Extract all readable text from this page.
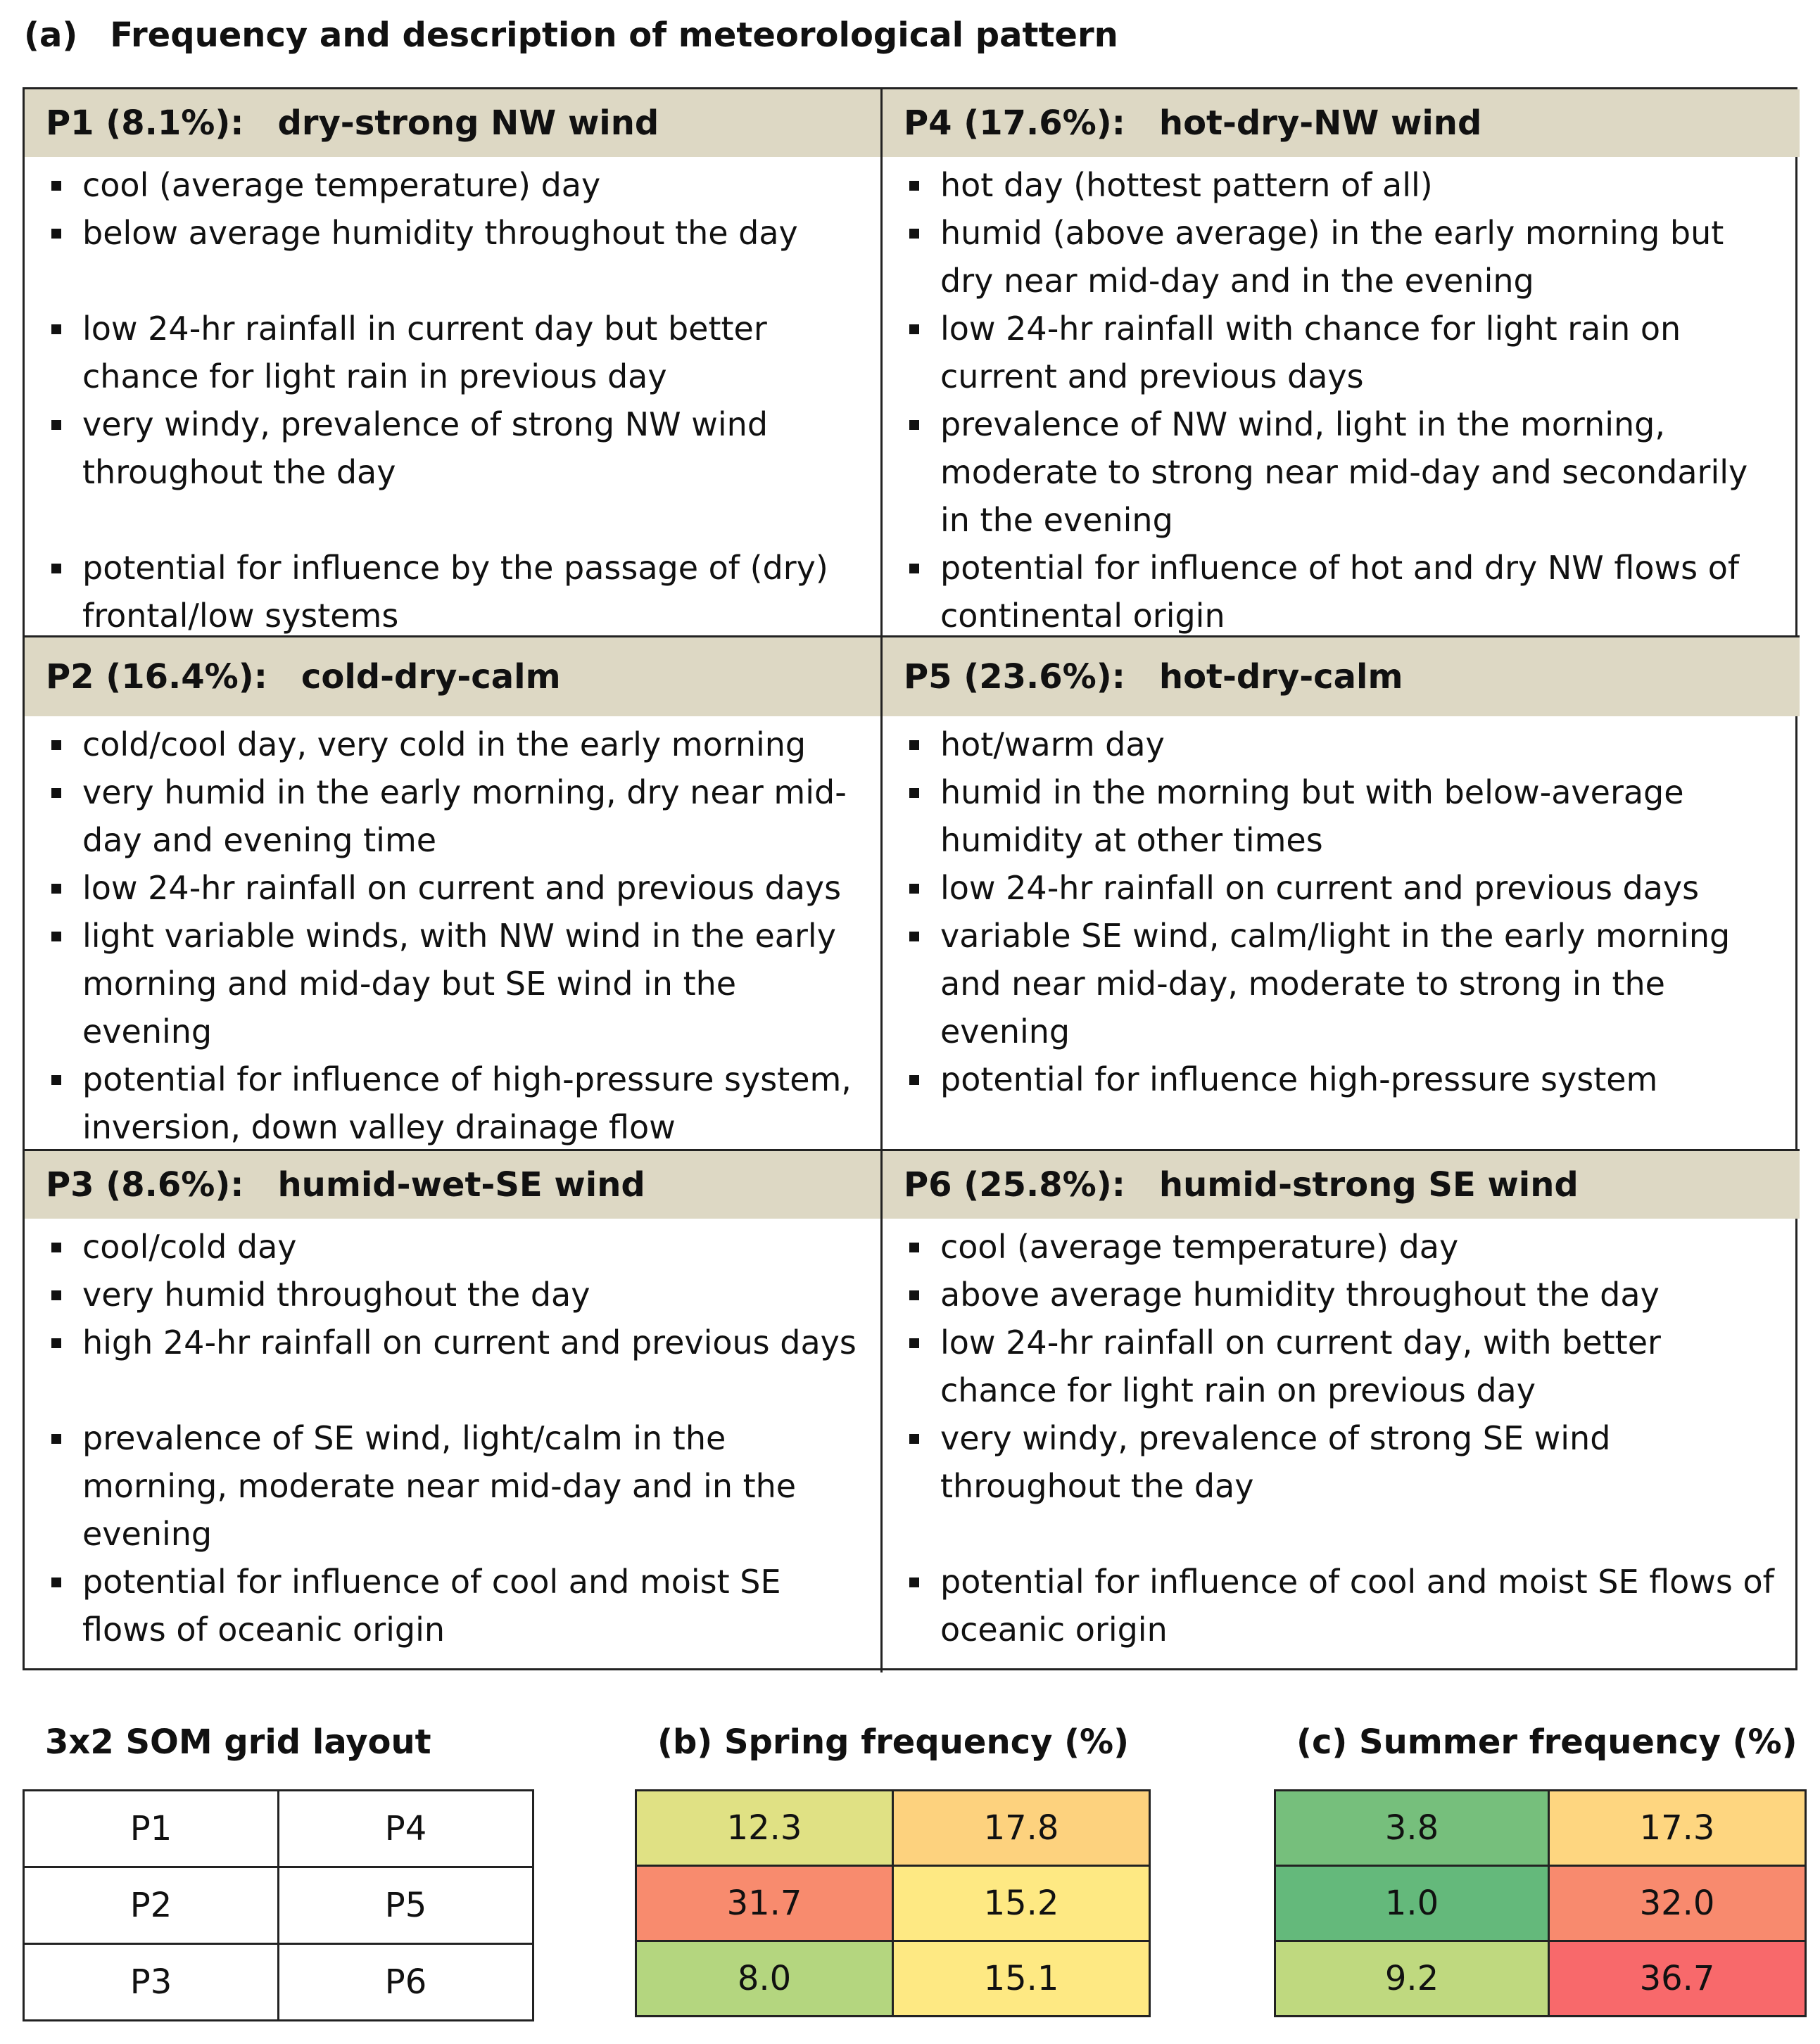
(a) Frequency and description of meteorological pattern
P1 (8.1%): dry-strong NW wind
cool (average temperature) day
below average humidity throughout the day
low 24-hr rainfall in current day but better chance for light rain in previous day
very windy, prevalence of strong NW wind throughout the day
potential for influence by the passage of (dry) frontal/low systems
P4 (17.6%): hot-dry-NW wind
hot day (hottest pattern of all)
humid (above average) in the early morning but dry near mid-day and in the evening
low 24-hr rainfall with chance for light rain on current and previous days
prevalence of NW wind, light in the morning, moderate to strong near mid-day and secondarily in the evening
potential for influence of hot and dry NW flows of continental origin
P2 (16.4%): cold-dry-calm
cold/cool day, very cold in the early morning
very humid in the early morning, dry near mid-day and evening time
low 24-hr rainfall on current and previous days
light variable winds, with NW wind in the early morning and mid-day but SE wind in the evening
potential for influence of high-pressure system, inversion, down valley drainage flow
P5 (23.6%): hot-dry-calm
hot/warm day
humid in the morning but with below-average humidity at other times
low 24-hr rainfall on current and previous days
variable SE wind, calm/light in the early morning and near mid-day, moderate to strong in the evening
potential for influence high-pressure system
P3 (8.6%): humid-wet-SE wind
cool/cold day
very humid throughout the day
high 24-hr rainfall on current and previous days
prevalence of SE wind, light/calm in the morning, moderate near mid-day and in the evening
potential for influence of cool and moist SE flows of oceanic origin
P6 (25.8%): humid-strong SE wind
cool (average temperature) day
above average humidity throughout the day
low 24-hr rainfall on current day, with better chance for light rain on previous day
very windy, prevalence of strong SE wind throughout the day
potential for influence of cool and moist SE flows of oceanic origin
3x2 SOM grid layout
P1	P4
P2	P5
P3	P6
(b) Spring frequency (%)
12.3	17.8
31.7	15.2
8.0	15.1
(c) Summer frequency (%)
3.8	17.3
1.0	32.0
9.2	36.7
